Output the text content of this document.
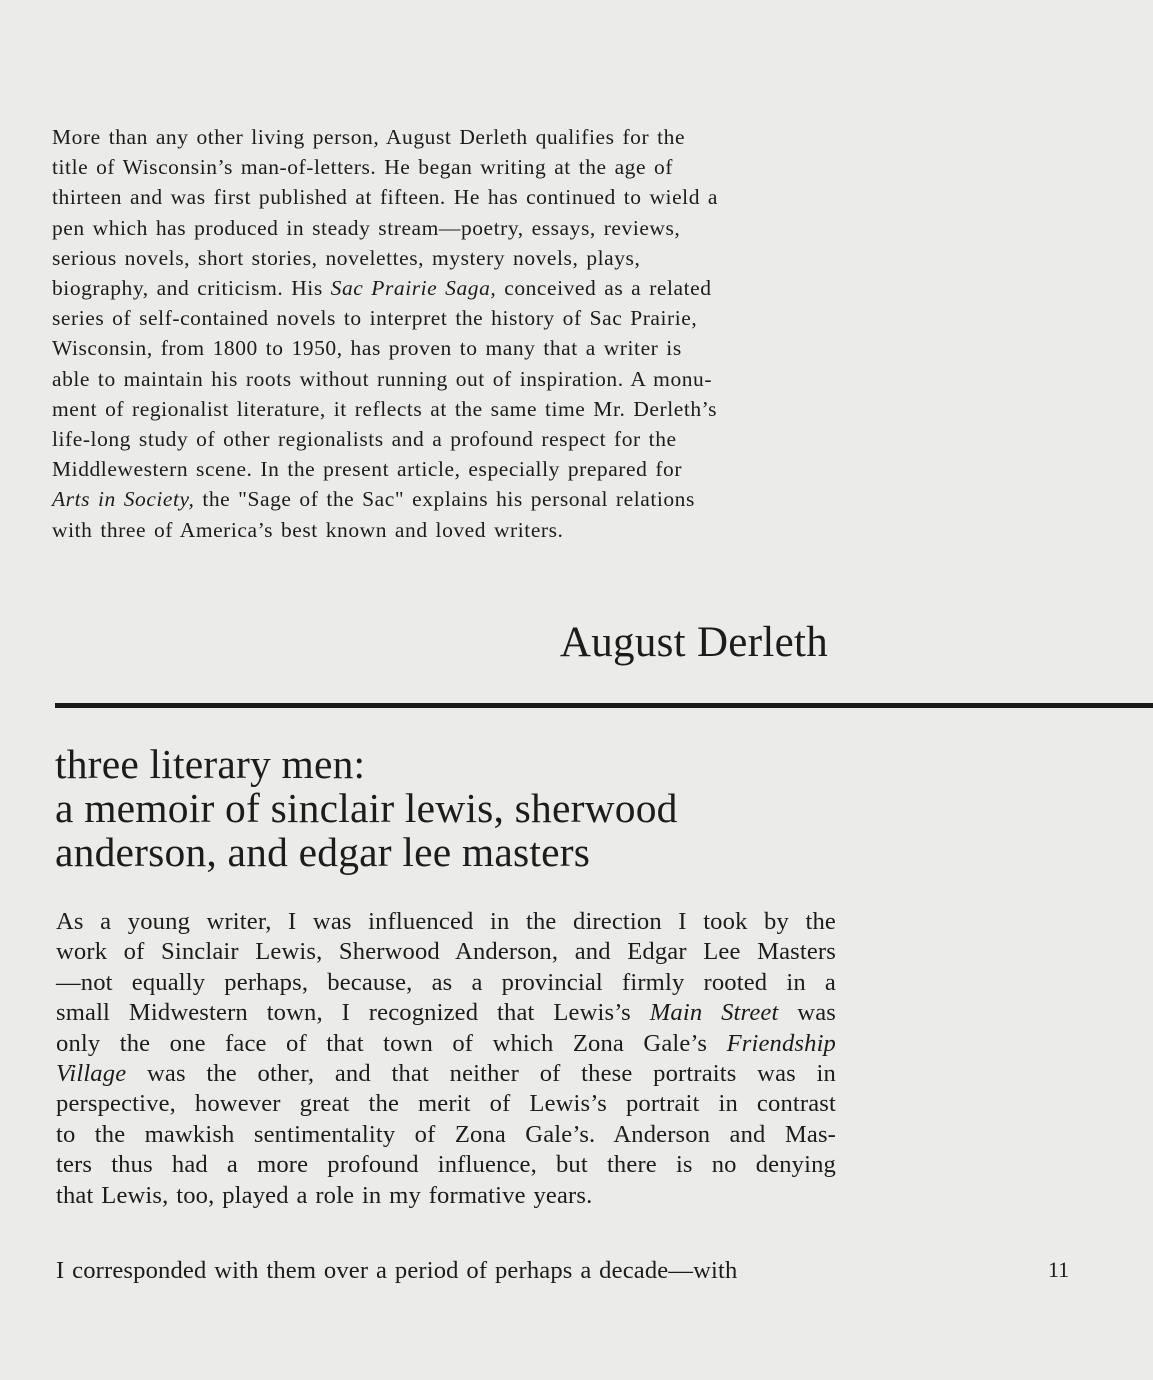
More than any other living person, August Derleth qualifies for the
title of Wisconsin’s man-of-letters. He began writing at the age of
thirteen and was first published at fifteen. He has continued to wield a
pen which has produced in steady stream—poetry, essays, reviews,
serious novels, short stories, novelettes, mystery novels, plays,
biography, and criticism. His Sac Prairie Saga, conceived as a related
series of self-contained novels to interpret the history of Sac Prairie,
Wisconsin, from 1800 to 1950, has proven to many that a writer is
able to maintain his roots without running out of inspiration. A monu-
ment of regionalist literature, it reflects at the same time Mr. Derleth’s
life-long study of other regionalists and a profound respect for the
Middlewestern scene. In the present article, especially prepared for
Arts in Society, the "Sage of the Sac" explains his personal relations
with three of America’s best known and loved writers.
August Derleth
three literary men:
a memoir of sinclair lewis, sherwood
anderson, and edgar lee masters
As a young writer, I was influenced in the direction I took by the
work of Sinclair Lewis, Sherwood Anderson, and Edgar Lee Masters
—not equally perhaps, because, as a provincial firmly rooted in a
small Midwestern town, I recognized that Lewis’s Main Street was
only the one face of that town of which Zona Gale’s Friendship
Village was the other, and that neither of these portraits was in
perspective, however great the merit of Lewis’s portrait in contrast
to the mawkish sentimentality of Zona Gale’s. Anderson and Mas-
ters thus had a more profound influence, but there is no denying
that Lewis, too, played a role in my formative years.
I corresponded with them over a period of perhaps a decade—with	11
